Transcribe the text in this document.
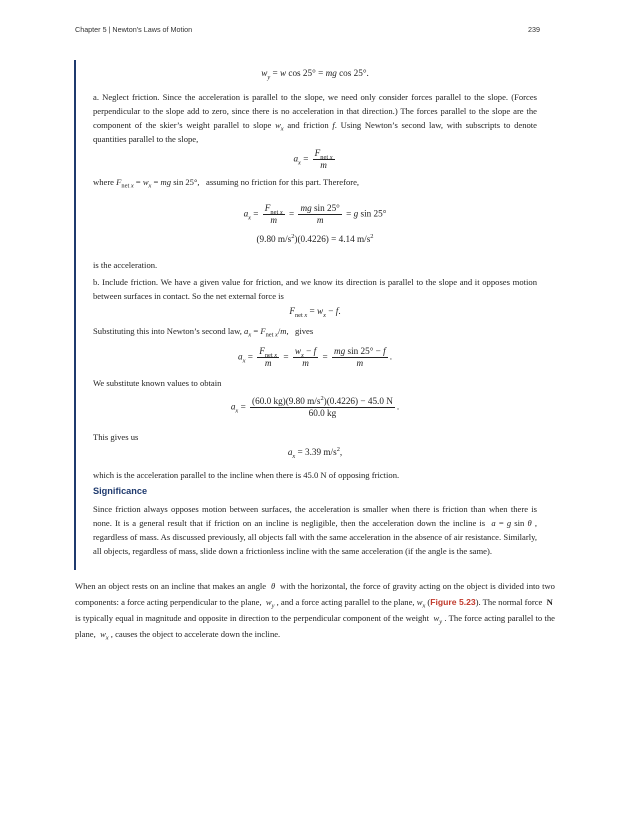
Chapter 5 | Newton's Laws of Motion	239
$w_y = w$ cos 25° = mg cos 25°.
a. Neglect friction. Since the acceleration is parallel to the slope, we need only consider forces parallel to the slope. (Forces perpendicular to the slope add to zero, since there is no acceleration in that direction.) The forces parallel to the slope are the component of the skier’s weight parallel to slope $w_x$ and friction f. Using Newton’s second law, with subscripts to denote quantities parallel to the slope,
$a_x = \frac{F_{net x}}{m}$
where $F_{net x} = w_x$ = mg sin 25°,   assuming no friction for this part. Therefore,
$a_x = \frac{F_{net x}}{m} = \frac{\text{mg sin 25°}}{m} = g$ sin 25°
(9.80 $m/s^2)(0.4226) = 4.14$ $m/s^2$
is the acceleration.
b. Include friction. We have a given value for friction, and we know its direction is parallel to the slope and it opposes motion between surfaces in contact. So the net external force is
$F_{net x} = w_x - f$.
Substituting this into Newton’s second law, $a_x = F_{net x}/m$,   gives
$a_x = \frac{F_{net x}}{m} = \frac{w_x - f}{m} = \frac{\text{mg sin 25° − f}}{m}$ .
We substitute known values to obtain
$a_x = \frac{(60.0 kg)(9.80 m/s^2)(0.4226) - 45.0 N}{60.0 kg}$ .
This gives us
$a_x = 3.39$ $m/s^2$,
which is the acceleration parallel to the incline when there is 45.0 N of opposing friction.
Significance
Since friction always opposes motion between surfaces, the acceleration is smaller when there is friction than when there is none. It is a general result that if friction on an incline is negligible, then the acceleration down the incline is  a = g sin θ , regardless of mass. As discussed previously, all objects fall with the same acceleration in the absence of air resistance. Similarly, all objects, regardless of mass, slide down a frictionless incline with the same acceleration (if the angle is the same).
When an object rests on an incline that makes an angle  θ  with the horizontal, the force of gravity acting on the object is divided into two components: a force acting perpendicular to the plane,  $w_y$ , and a force acting parallel to the plane, $w_x$ (Figure 5.23). The normal force  N  is typically equal in magnitude and opposite in direction to the perpendicular component of the weight  $w_y$ . The force acting parallel to the plane,  $w_x$ , causes the object to accelerate down the incline.
